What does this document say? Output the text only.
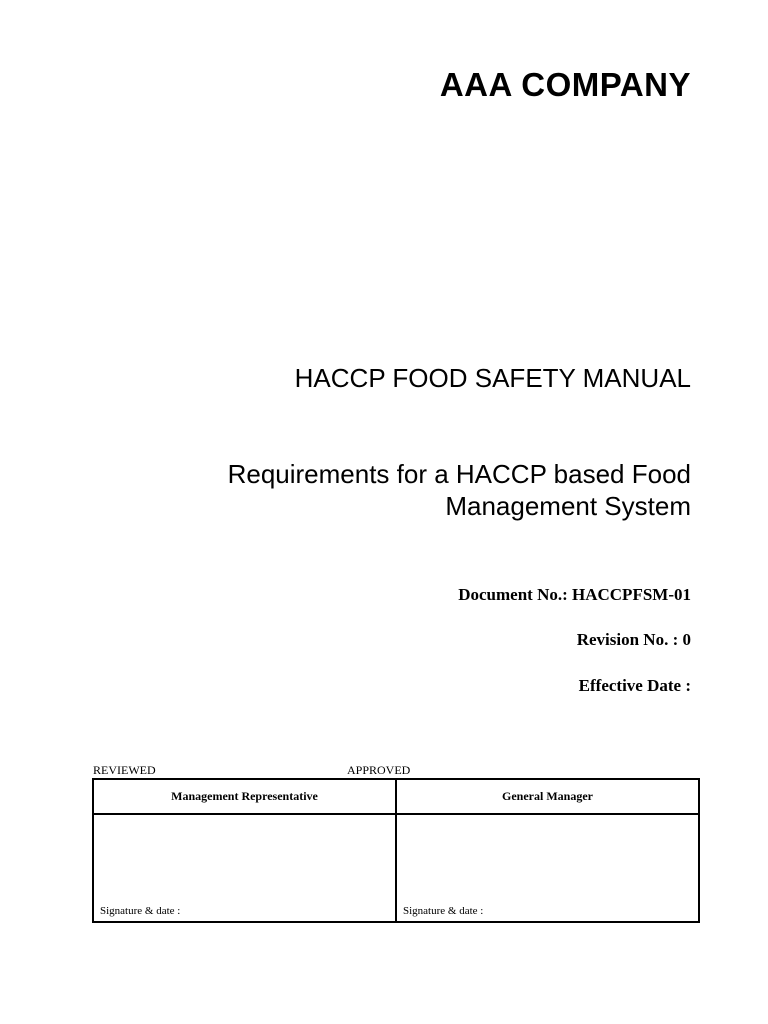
AAA COMPANY
HACCP FOOD SAFETY MANUAL
Requirements for a HACCP based Food
Management System
Document No.: HACCPFSM-01
Revision No. : 0
Effective Date :
REVIEWED	APPROVED
Management Representative	General Manager
Signature & date :	Signature & date :
